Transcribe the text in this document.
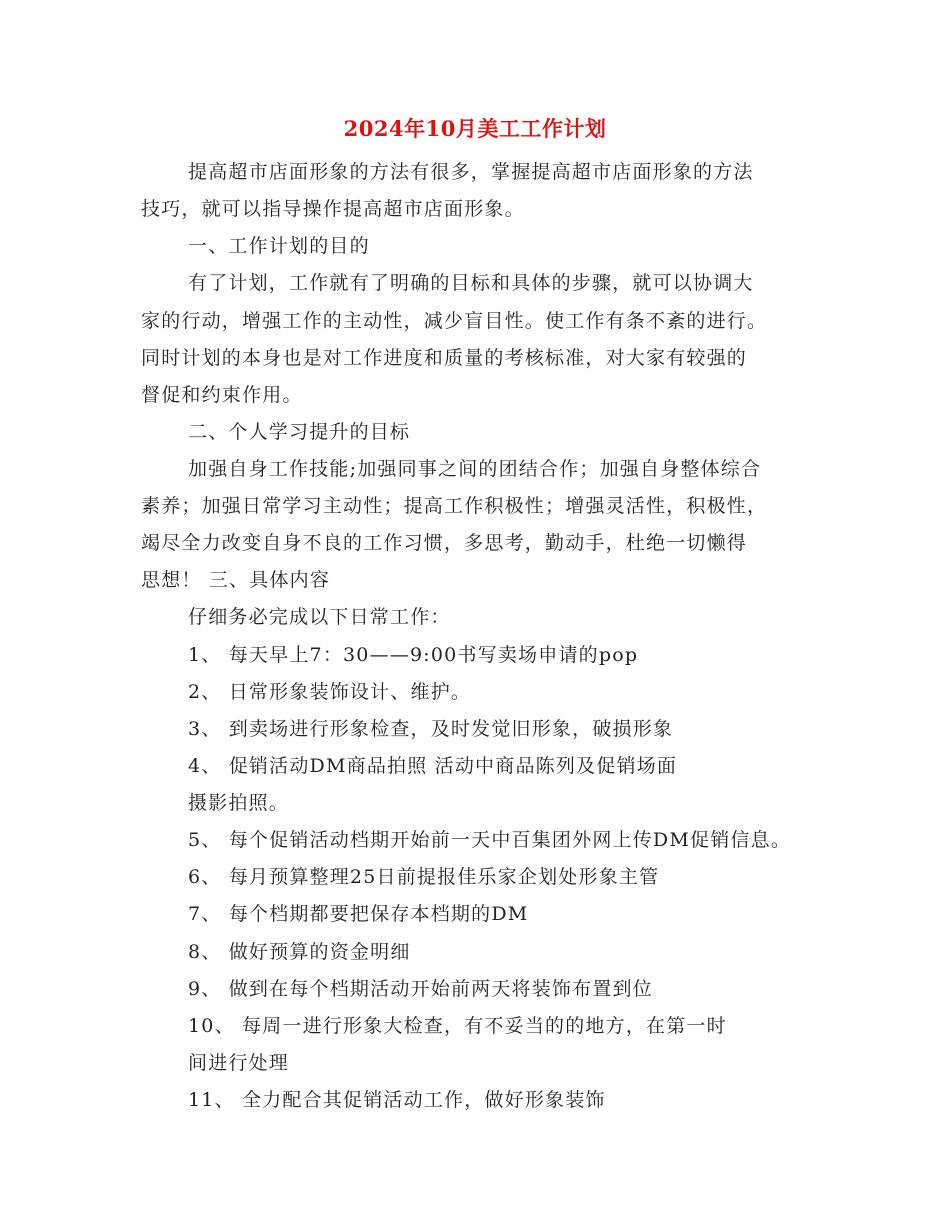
2024年10月美工工作计划
提高超市店面形象的方法有很多，掌握提高超市店面形象的方法
技巧，就可以指导操作提高超市店面形象。
一、工作计划的目的
有了计划，工作就有了明确的目标和具体的步骤，就可以协调大
家的行动，增强工作的主动性，减少盲目性。使工作有条不紊的进行。
同时计划的本身也是对工作进度和质量的考核标准，对大家有较强的
督促和约束作用。
二、个人学习提升的目标
加强自身工作技能;加强同事之间的团结合作；加强自身整体综合
素养；加强日常学习主动性；提高工作积极性；增强灵活性，积极性，
竭尽全力改变自身不良的工作习惯，多思考，勤动手，杜绝一切懒得
思想！ 三、具体内容
仔细务必完成以下日常工作：
1、 每天早上7：30——9:00书写卖场申请的pop
2、 日常形象装饰设计、维护。
3、 到卖场进行形象检查，及时发觉旧形象，破损形象
4、 促销活动DM商品拍照 活动中商品陈列及促销场面
摄影拍照。
5、 每个促销活动档期开始前一天中百集团外网上传DM促销信息。
6、 每月预算整理25日前提报佳乐家企划处形象主管
7、 每个档期都要把保存本档期的DM
8、 做好预算的资金明细
9、 做到在每个档期活动开始前两天将装饰布置到位
10、 每周一进行形象大检查，有不妥当的的地方，在第一时
间进行处理
11、 全力配合其促销活动工作，做好形象装饰
